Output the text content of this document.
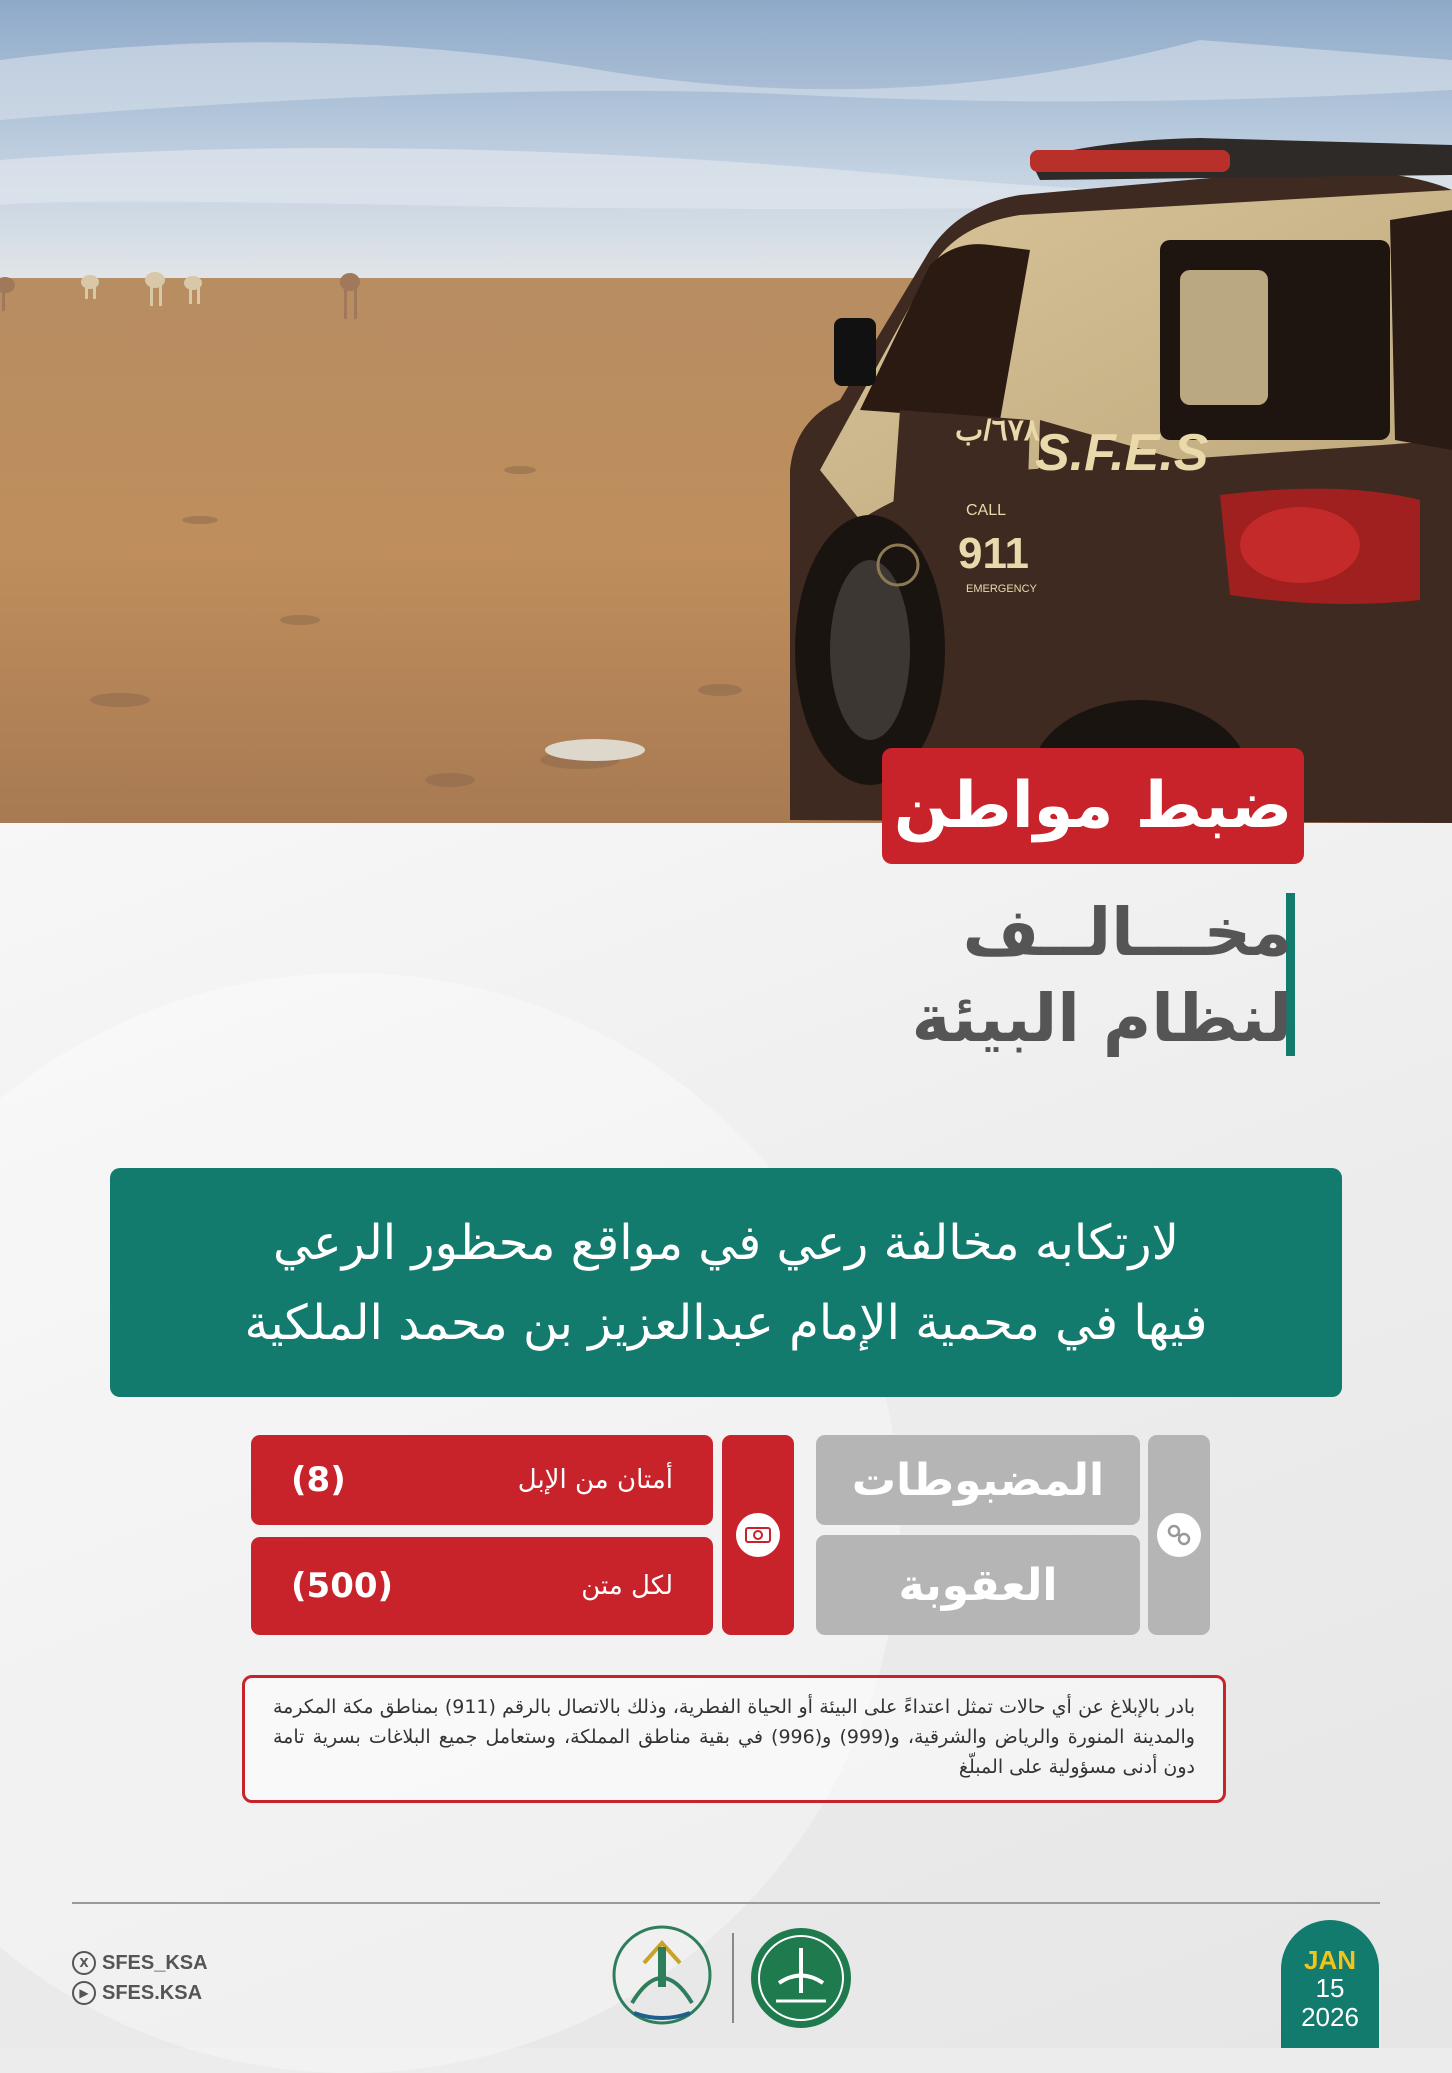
٦٧٨/ب
S.F.E.S
CALL
911
EMERGENCY
ضبط مواطن
مخـــالــف
لنظام البيئة
لارتكابه مخالفة رعي في مواقع محظور الرعي
فيها في محمية الإمام عبدالعزيز بن محمد الملكية
المضبوطات
العقوبة
أمتان من الإبل
(8)
لكل متن
(500)
بادر بالإبلاغ عن أي حالات تمثل اعتداءً على البيئة أو الحياة الفطرية، وذلك بالاتصال بالرقم (911) بمناطق مكة المكرمة والمدينة المنورة والرياض والشرقية، و(999) و(996) في بقية مناطق المملكة، وستعامل جميع البلاغات بسرية تامة دون أدنى مسؤولية على المبلّغ
X SFES_KSA
▶ SFES.KSA
JAN
15
2026
